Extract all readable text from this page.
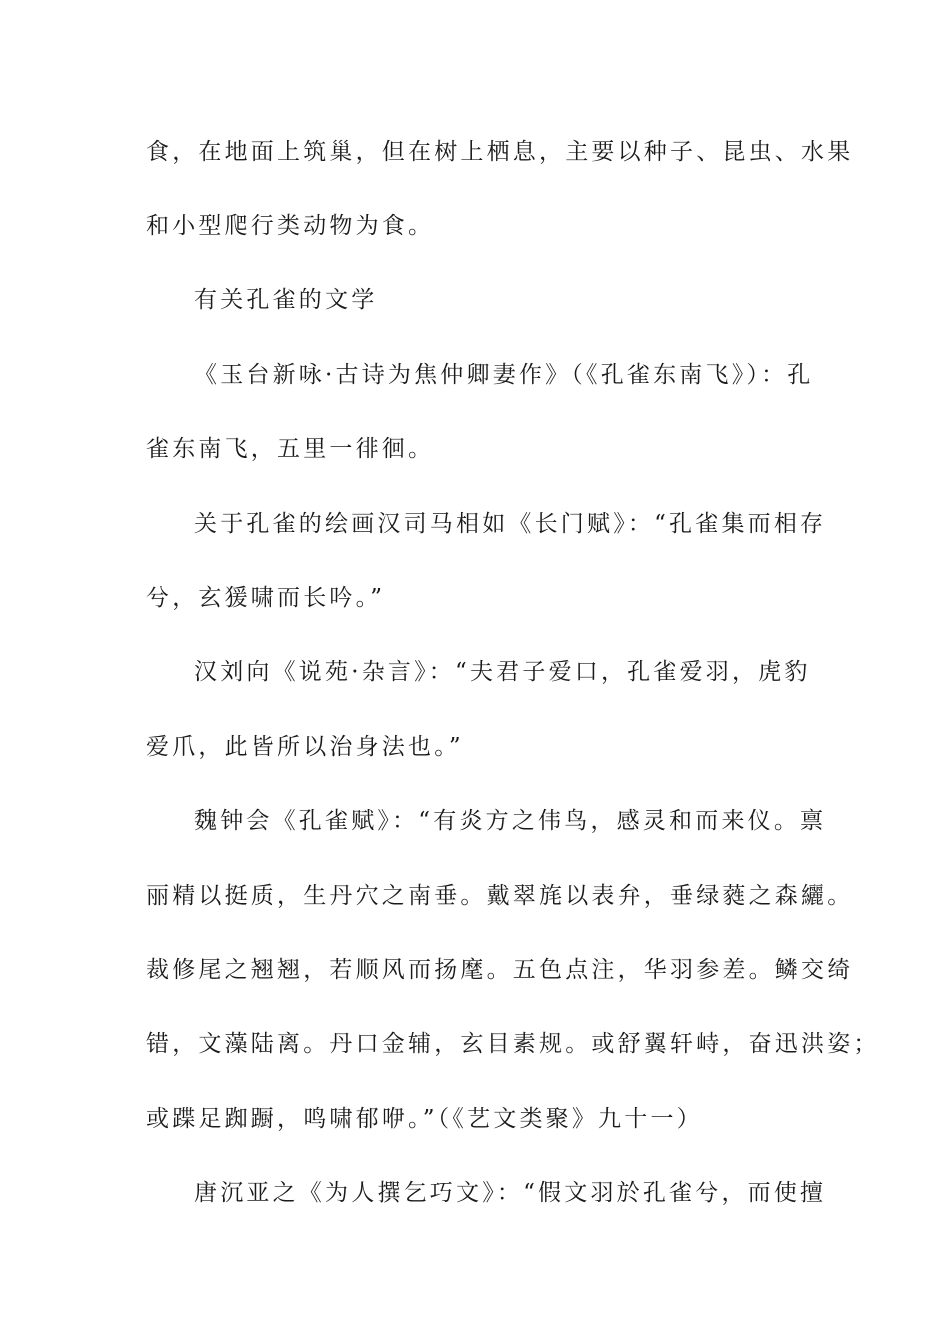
食，在地面上筑巢，但在树上栖息，主要以种子、昆虫、水果
和小型爬行类动物为食。
有关孔雀的文学
《玉台新咏·古诗为焦仲卿妻作》（《孔雀东南飞》）：孔
雀东南飞，五里一徘徊。
关于孔雀的绘画汉司马相如《长门赋》：“孔雀集而相存
兮，玄猨啸而长吟。”
汉刘向《说苑·杂言》：“夫君子爱口，孔雀爱羽，虎豹
爱爪，此皆所以治身法也。”
魏钟会《孔雀赋》：“有炎方之伟鸟，感灵和而来仪。禀
丽精以挺质，生丹穴之南垂。戴翠旄以表弁，垂绿蕤之森纚。
裁修尾之翘翘，若顺风而扬麾。五色点注，华羽参差。鳞交绮
错，文藻陆离。丹口金辅，玄目素规。或舒翼轩峙，奋迅洪姿；
或蹀足踟蹰，鸣啸郁咿。”（《艺文类聚》九十一）
唐沉亚之《为人撰乞巧文》：“假文羽於孔雀兮，而使擅
